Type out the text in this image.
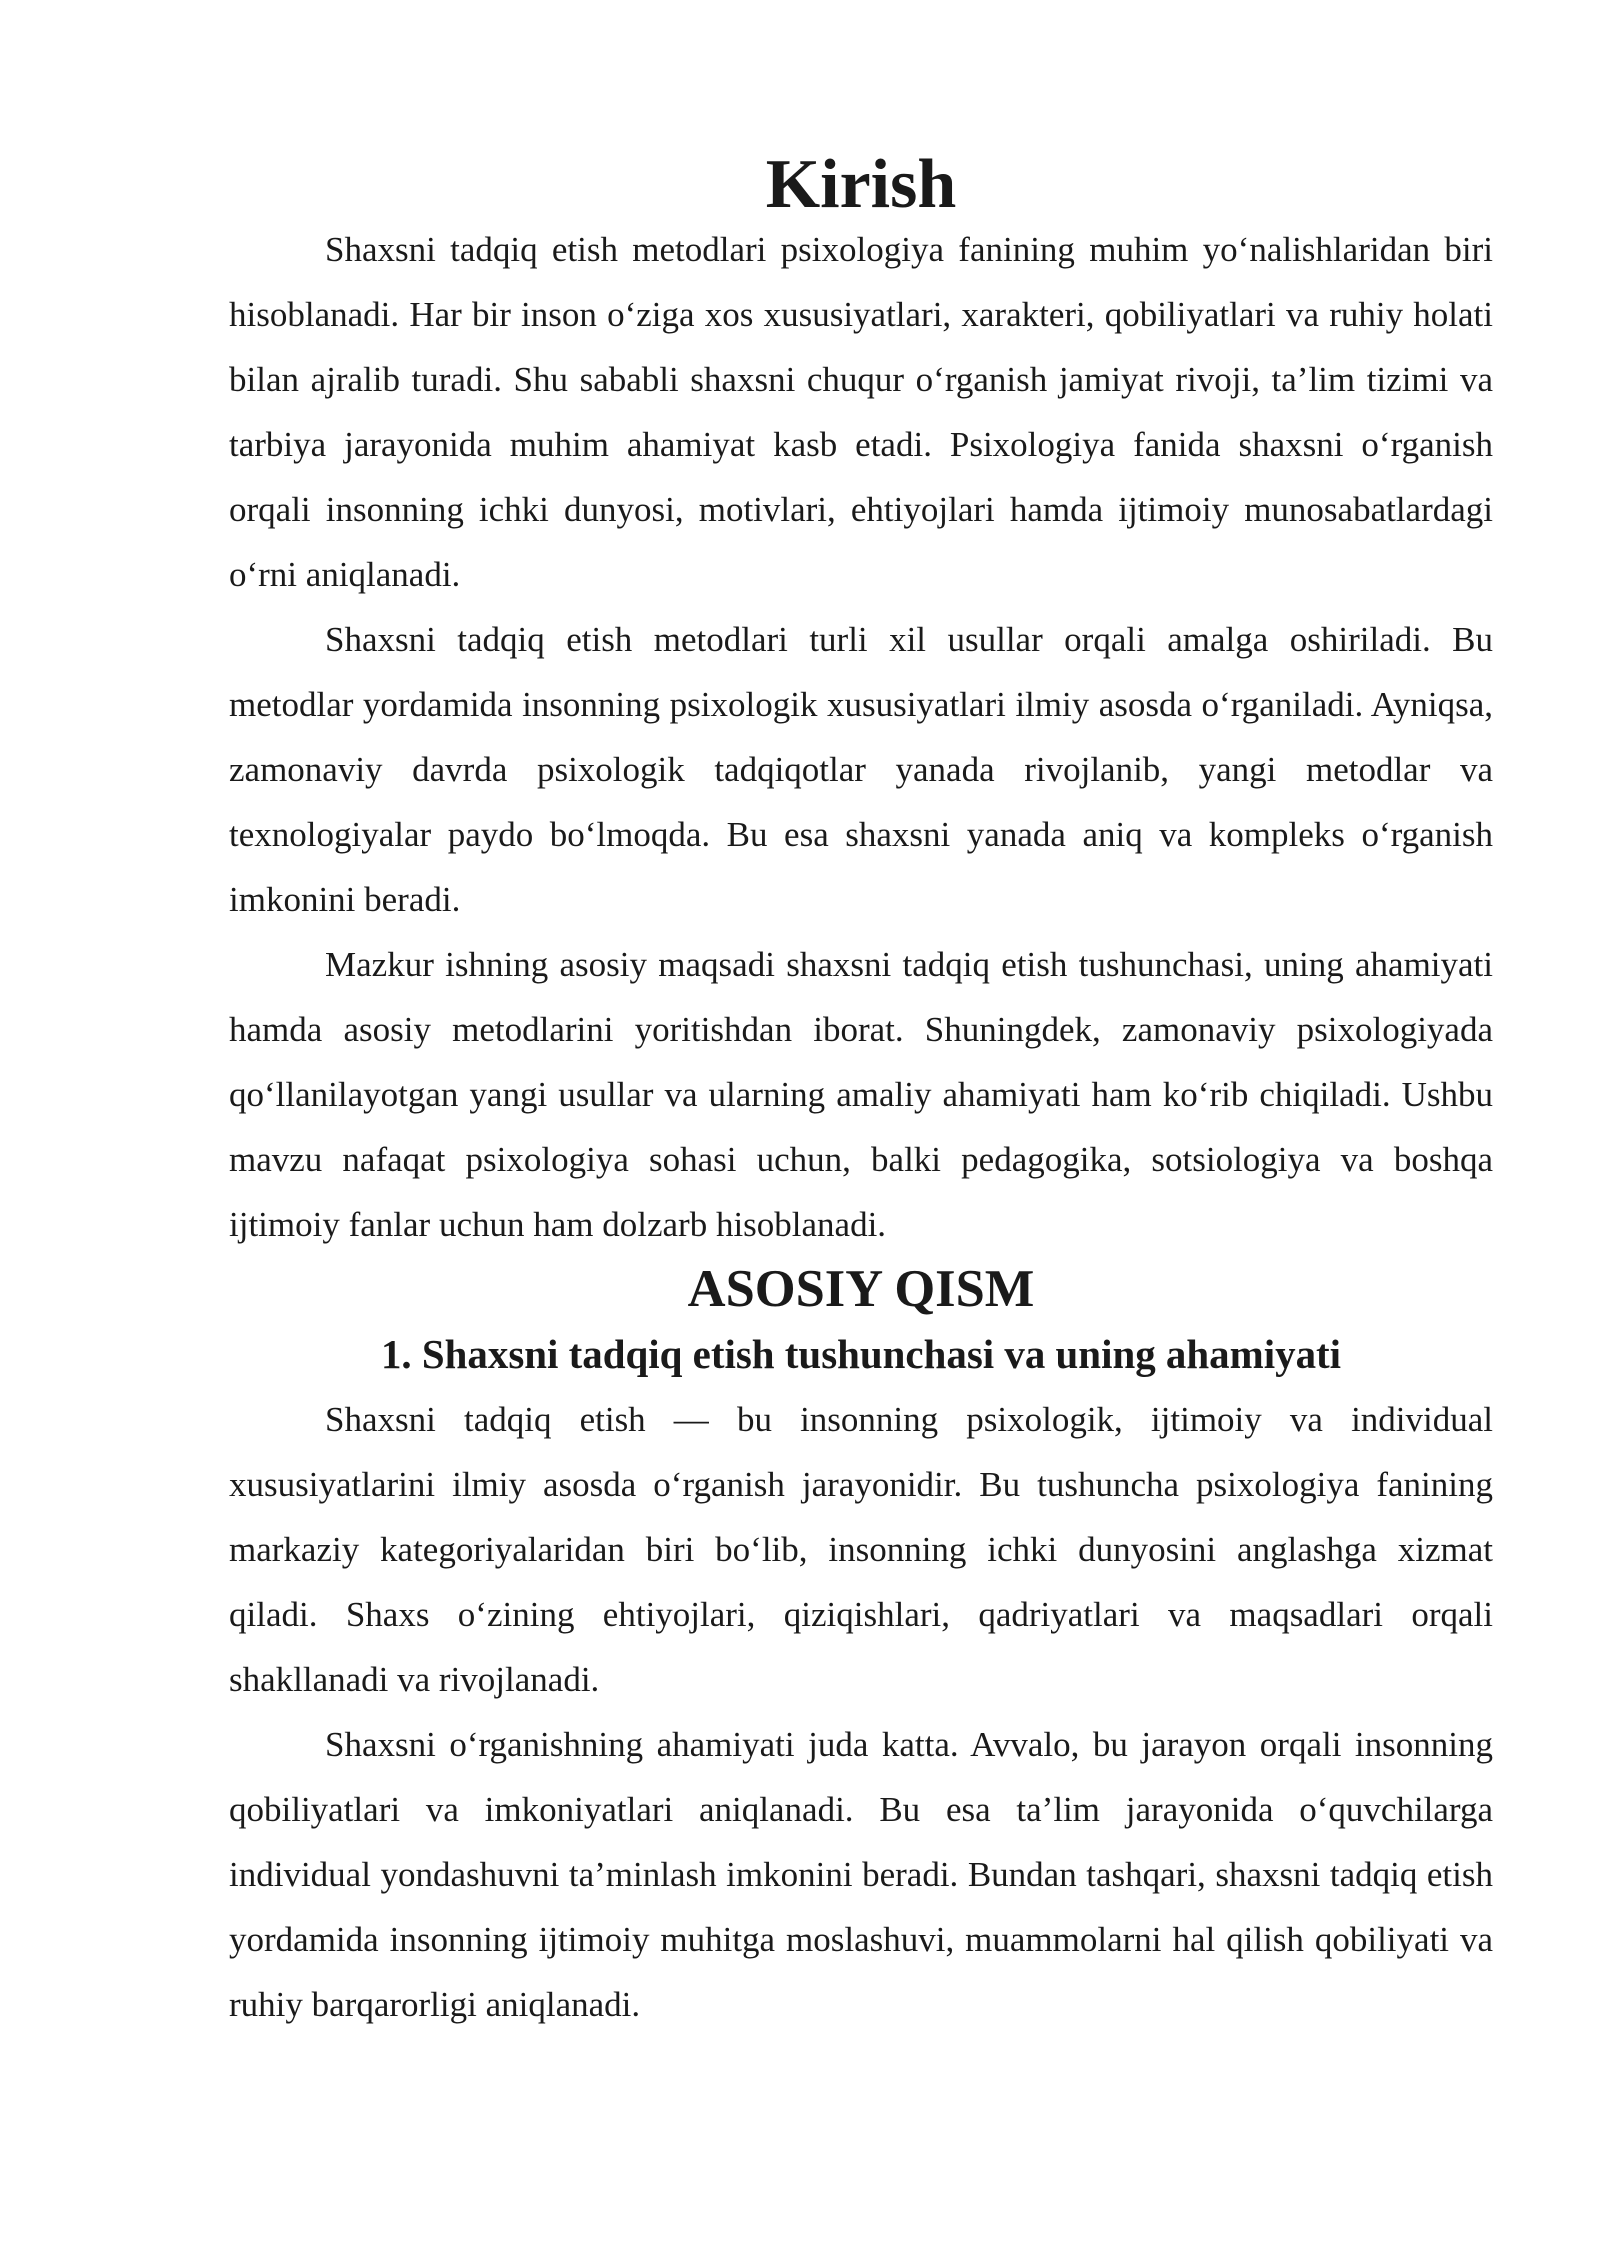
Kirish

Shaxsni tadqiq etish metodlari psixologiya fanining muhim yo‘nalishlaridan biri hisoblanadi. Har bir inson o‘ziga xos xususiyatlari, xarakteri, qobiliyatlari va ruhiy holati bilan ajralib turadi. Shu sababli shaxsni chuqur o‘rganish jamiyat rivoji, ta’lim tizimi va tarbiya jarayonida muhim ahamiyat kasb etadi. Psixologiya fanida shaxsni o‘rganish orqali insonning ichki dunyosi, motivlari, ehtiyojlari hamda ijtimoiy munosabatlardagi o‘rni aniqlanadi.

Shaxsni tadqiq etish metodlari turli xil usullar orqali amalga oshiriladi. Bu metodlar yordamida insonning psixologik xususiyatlari ilmiy asosda o‘rganiladi. Ayniqsa, zamonaviy davrda psixologik tadqiqotlar yanada rivojlanib, yangi metodlar va texnologiyalar paydo bo‘lmoqda. Bu esa shaxsni yanada aniq va kompleks o‘rganish imkonini beradi.

Mazkur ishning asosiy maqsadi shaxsni tadqiq etish tushunchasi, uning ahamiyati hamda asosiy metodlarini yoritishdan iborat. Shuningdek, zamonaviy psixologiyada qo‘llanilayotgan yangi usullar va ularning amaliy ahamiyati ham ko‘rib chiqiladi. Ushbu mavzu nafaqat psixologiya sohasi uchun, balki pedagogika, sotsiologiya va boshqa ijtimoiy fanlar uchun ham dolzarb hisoblanadi.

ASOSIY QISM
1. Shaxsni tadqiq etish tushunchasi va uning ahamiyati

Shaxsni tadqiq etish — bu insonning psixologik, ijtimoiy va individual xususiyatlarini ilmiy asosda o‘rganish jarayonidir. Bu tushuncha psixologiya fanining markaziy kategoriyalaridan biri bo‘lib, insonning ichki dunyosini anglashga xizmat qiladi. Shaxs o‘zining ehtiyojlari, qiziqishlari, qadriyatlari va maqsadlari orqali shakllanadi va rivojlanadi.

Shaxsni o‘rganishning ahamiyati juda katta. Avvalo, bu jarayon orqali insonning qobiliyatlari va imkoniyatlari aniqlanadi. Bu esa ta’lim jarayonida o‘quvchilarga individual yondashuvni ta’minlash imkonini beradi. Bundan tashqari, shaxsni tadqiq etish yordamida insonning ijtimoiy muhitga moslashuvi, muammolarni hal qilish qobiliyati va ruhiy barqarorligi aniqlanadi.
